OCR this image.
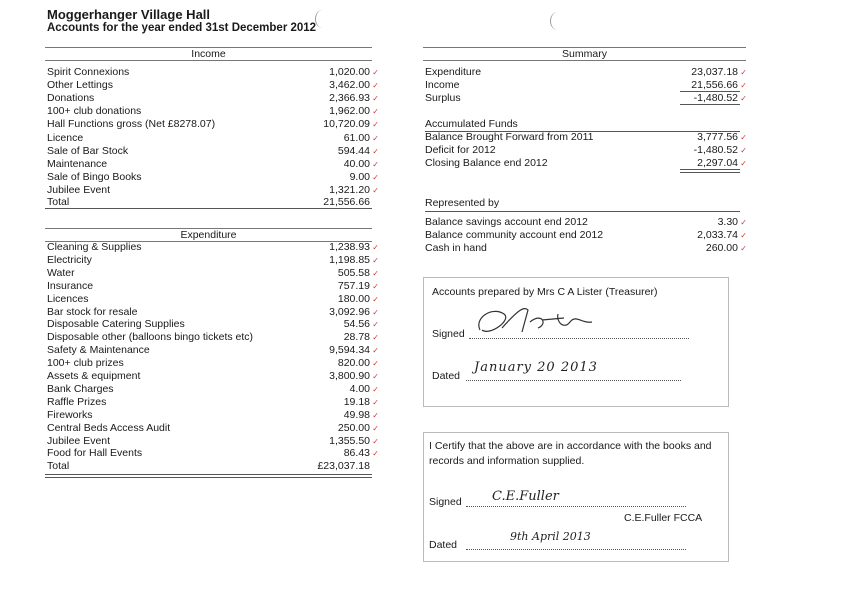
Moggerhanger Village Hall
Accounts for the year ended 31st December 2012
Income
Spirit Connexions	1,020.00 ✓
Other Lettings	3,462.00 ✓
Donations	2,366.93 ✓
100+ club donations	1,962.00 ✓
Hall Functions gross (Net £8278.07)	10,720.09 ✓
Licence	61.00 ✓
Sale of Bar Stock	594.44 ✓
Maintenance	40.00 ✓
Sale of Bingo Books	9.00 ✓
Jubilee Event	1,321.20 ✓
Total	21,556.66
Expenditure
Cleaning & Supplies	1,238.93 ✓
Electricity	1,198.85 ✓
Water	505.58 ✓
Insurance	757.19 ✓
Licences	180.00 ✓
Bar stock for resale	3,092.96 ✓
Disposable Catering Supplies	54.56 ✓
Disposable other (balloons bingo tickets etc)	28.78 ✓
Safety & Maintenance	9,594.34 ✓
100+ club prizes	820.00 ✓
Assets & equipment	3,800.90 ✓
Bank Charges	4.00 ✓
Raffle Prizes	19.18 ✓
Fireworks	49.98 ✓
Central Beds Access Audit	250.00 ✓
Jubilee Event	1,355.50 ✓
Food for Hall Events	86.43 ✓
Total	£23,037.18
Summary
Expenditure	23,037.18 ✓
Income	21,556.66 ✓
Surplus	-1,480.52 ✓
Accumulated Funds
Balance Brought Forward from 2011	3,777.56 ✓
Deficit for 2012	-1,480.52 ✓
Closing Balance end 2012	2,297.04 ✓
Represented by
Balance savings account end 2012	3.30 ✓
Balance community account end 2012	2,033.74 ✓
Cash in hand	260.00 ✓
Accounts prepared by Mrs C A Lister (Treasurer)
Signed
Dated
January 20 2013
I Certify that the above are in accordance with the books and
records and information supplied.
Signed C.E.Fuller
C.E.Fuller FCCA
Dated
9th April 2013
